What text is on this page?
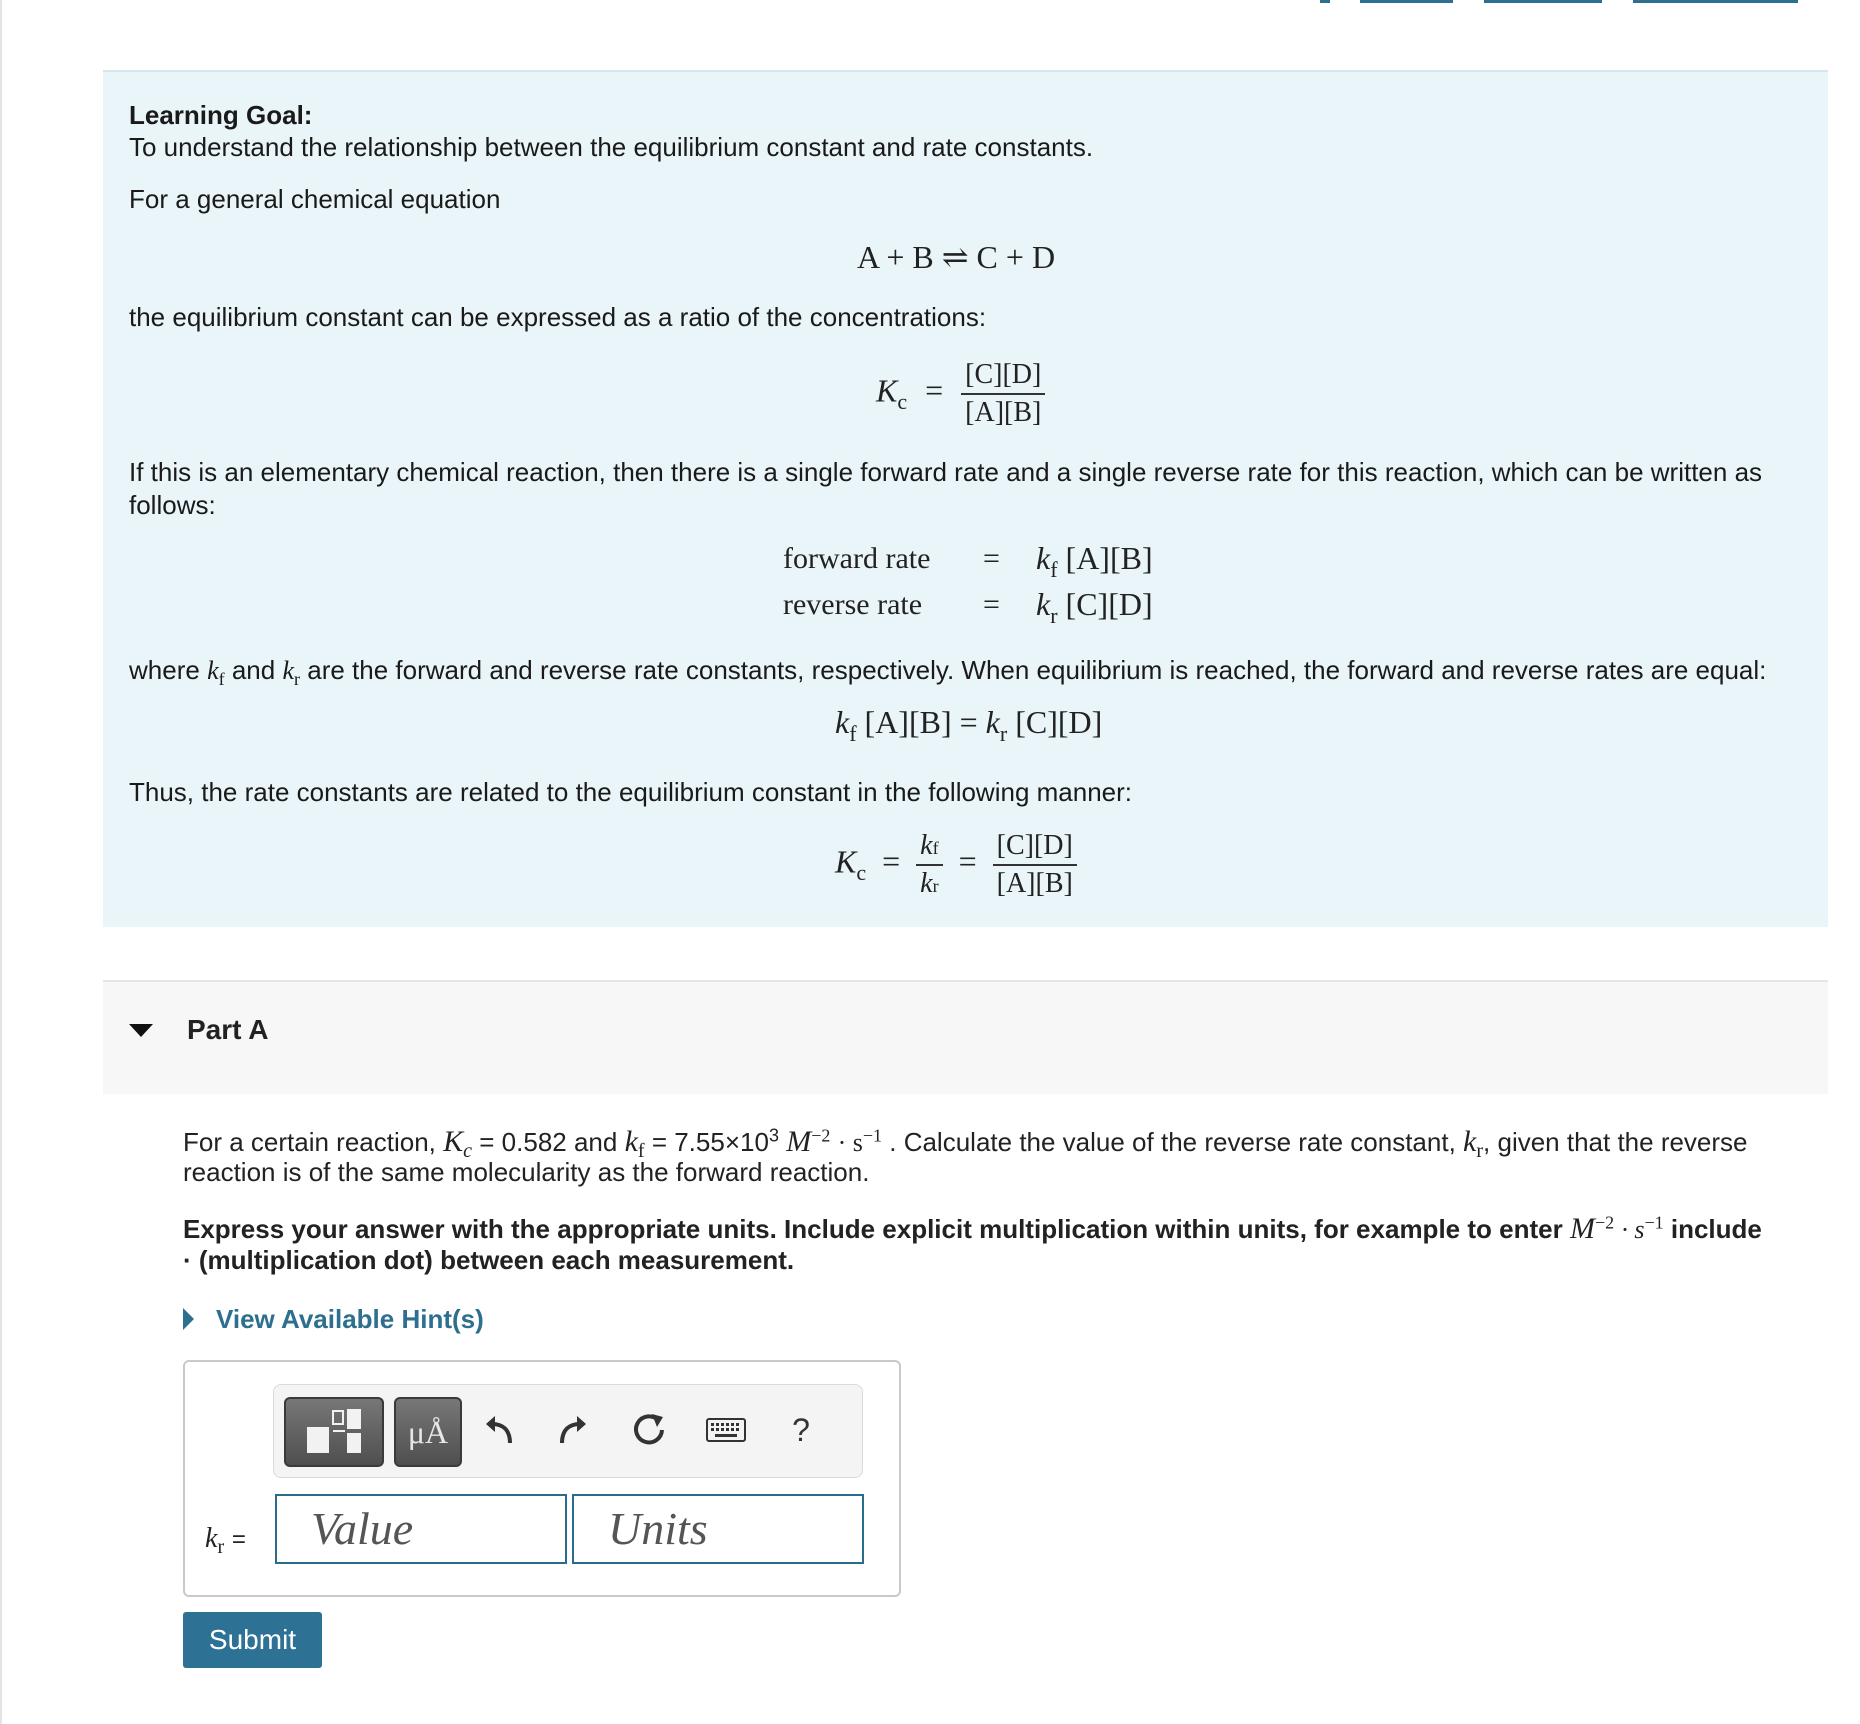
Learning Goal:
To understand the relationship between the equilibrium constant and rate constants.
For a general chemical equation
A + B ⇌ C + D
the equilibrium constant can be expressed as a ratio of the concentrations:
$K_c = \frac{[C][D]}{[A][B]}$
If this is an elementary chemical reaction, then there is a single forward rate and a single reverse rate for this reaction, which can be written as
follows:
forward rate = $k_f$ [A][B]
reverse rate = $k_r$ [C][D]
where $k_f$ and $k_r$ are the forward and reverse rate constants, respectively. When equilibrium is reached, the forward and reverse rates are equal:
$k_f$ $[A][B] = k_r$ [C][D]
Thus, the rate constants are related to the equilibrium constant in the following manner:
$K_c = \frac{kf}{kr} = \frac{[C][D]}{[A][B]}$
Part A
For a certain reaction, $K_c = 0.582$ and $k_f = 7.55\times 10^3$ $M^{-2} \cdot s^{-1}$ . Calculate the value of the reverse rate constant, $k_r$, given that the reverse
reaction is of the same molecularity as the forward reaction.
Express your answer with the appropriate units. Include explicit multiplication within units, for example to enter $M^{-2} \cdot s^{-1}$ include
· (multiplication dot) between each measurement.
View Available Hint(s)
μÅ	?
$k_r$ =	Value	Units
Submit
